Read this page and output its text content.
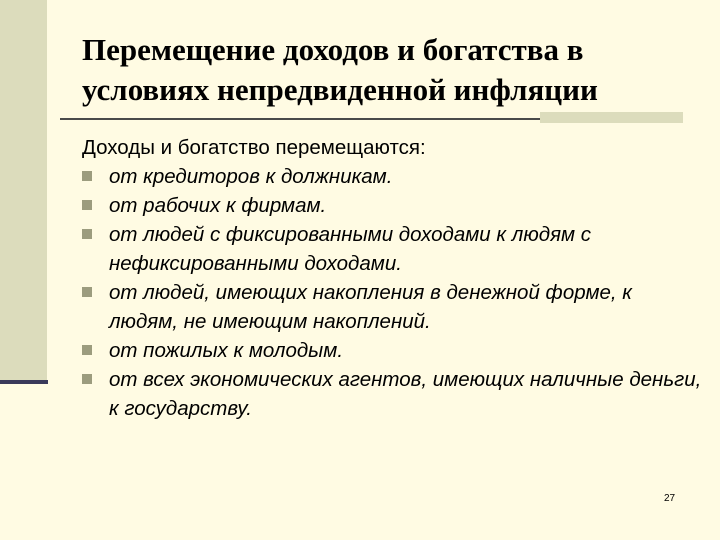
Перемещение доходов и богатства в условиях непредвиденной инфляции

Доходы и богатство перемещаются:

от кредиторов к должникам.
от рабочих к фирмам.
от людей с фиксированными доходами к людям с нефиксированными доходами.
от людей, имеющих накопления в денежной форме, к людям, не имеющим накоплений.
от пожилых к молодым.
от всех экономических агентов, имеющих наличные деньги, к государству.
27
